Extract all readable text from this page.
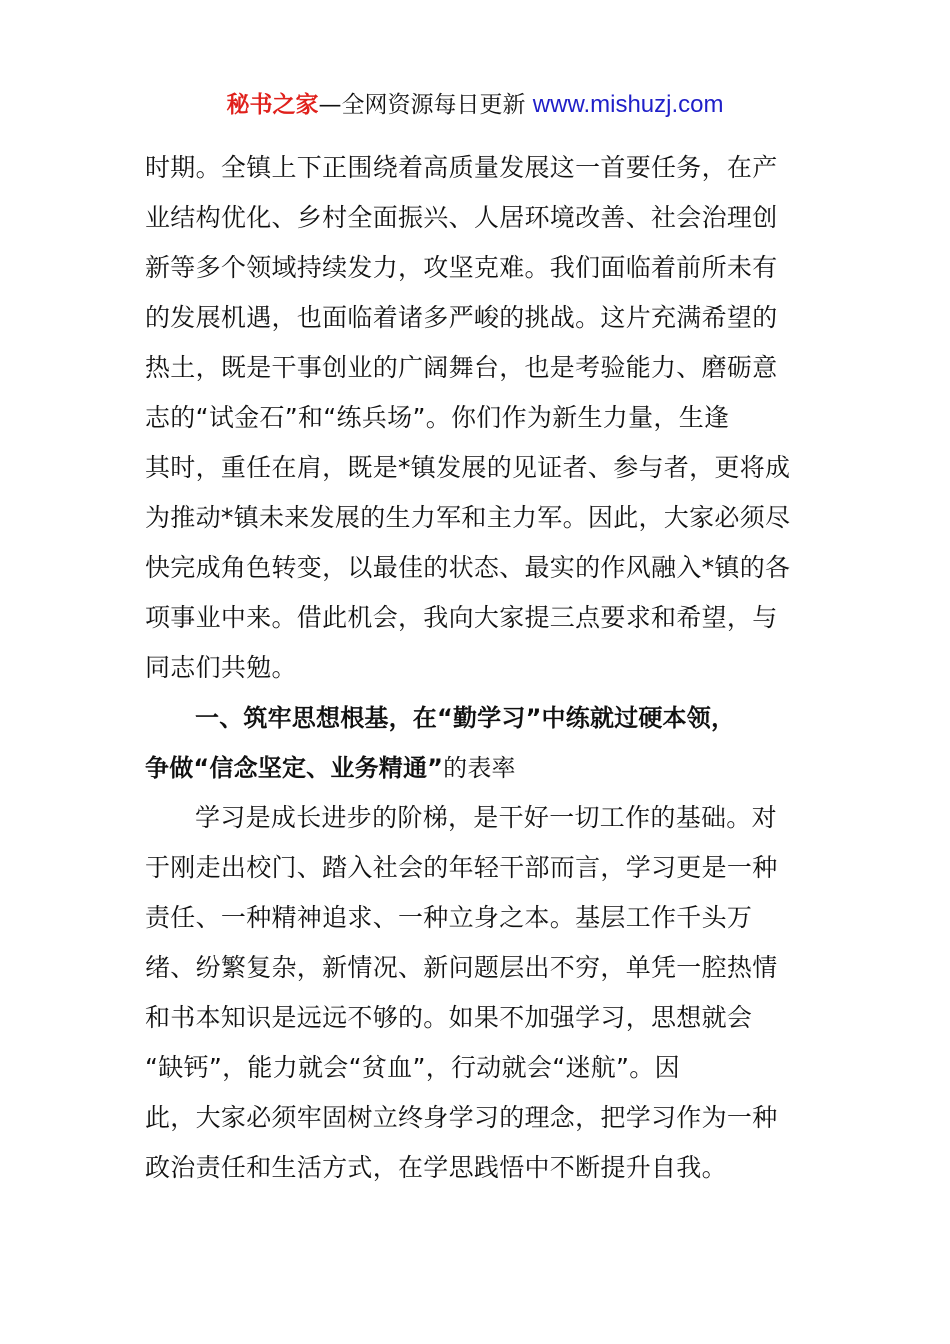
秘书之家—全网资源每日更新 www.mishuzj.com
时期。全镇上下正围绕着高质量发展这一首要任务，在产
业结构优化、乡村全面振兴、人居环境改善、社会治理创
新等多个领域持续发力，攻坚克难。我们面临着前所未有
的发展机遇，也面临着诸多严峻的挑战。这片充满希望的
热土，既是干事创业的广阔舞台，也是考验能力、磨砺意
志的“试金石”和“练兵场”。你们作为新生力量，生逢
其时，重任在肩，既是*镇发展的见证者、参与者，更将成
为推动*镇未来发展的生力军和主力军。因此，大家必须尽
快完成角色转变，以最佳的状态、最实的作风融入*镇的各
项事业中来。借此机会，我向大家提三点要求和希望，与
同志们共勉。
一、筑牢思想根基，在“勤学习”中练就过硬本领，
争做“信念坚定、业务精通”的表率
学习是成长进步的阶梯，是干好一切工作的基础。对
于刚走出校门、踏入社会的年轻干部而言，学习更是一种
责任、一种精神追求、一种立身之本。基层工作千头万
绪、纷繁复杂，新情况、新问题层出不穷，单凭一腔热情
和书本知识是远远不够的。如果不加强学习，思想就会
“缺钙”，能力就会“贫血”，行动就会“迷航”。因
此，大家必须牢固树立终身学习的理念，把学习作为一种
政治责任和生活方式，在学思践悟中不断提升自我。
